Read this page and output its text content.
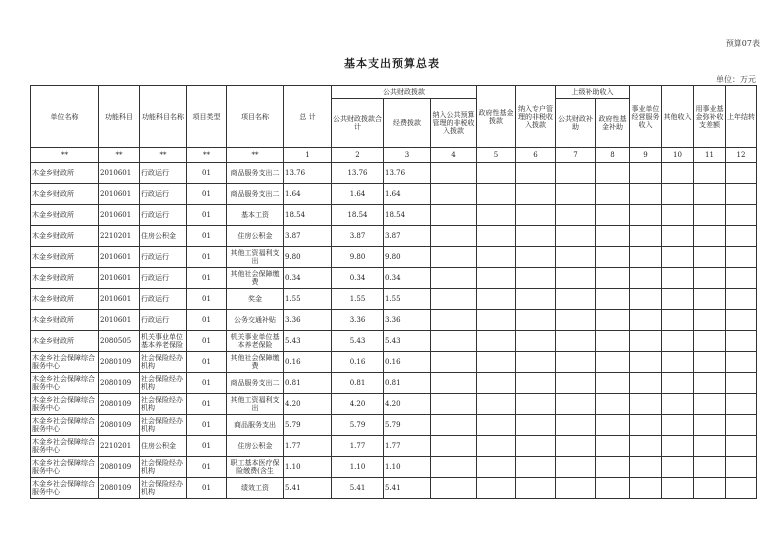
预算07表
基本支出预算总表
单位：万元
单位名称	功能科目	功能科目名称	项目类型	项目名称	总 计	公共财政拨款			政府性基金拨款	纳入专户管理的非税收入拨款	上级补助收入		事业单位经营服务收入	其他收入	用事业基金弥补收支差额	上年结转
						公共财政拨款合计	经费拨款	纳入公共预算管理的非税收入拨款								
											公共财政补助	政府性基金补助				
**	**	**	**	**	1	2	3	4	5	6	7	8	9	10	11	12
木金乡财政所	2010601	行政运行	01	商品服务支出二	13.76	13.76	13.76									
木金乡财政所	2010601	行政运行	01	商品服务支出二	1.64	1.64	1.64									
木金乡财政所	2010601	行政运行	01	基本工资	18.54	18.54	18.54									
木金乡财政所	2210201	住房公积金	01	住房公积金	3.87	3.87	3.87									
木金乡财政所	2010601	行政运行	01	其他工资福利支出	9.80	9.80	9.80									
木金乡财政所	2010601	行政运行	01	其他社会保障缴费	0.34	0.34	0.34									
木金乡财政所	2010601	行政运行	01	奖金	1.55	1.55	1.55									
木金乡财政所	2010601	行政运行	01	公务交通补贴	3.36	3.36	3.36									
木金乡财政所	2080505	机关事业单位基本养老保险	01	机关事业单位基本养老保险	5.43	5.43	5.43									
木金乡社会保障综合服务中心	2080109	社会保险经办机构	01	其他社会保障缴费	0.16	0.16	0.16									
木金乡社会保障综合服务中心	2080109	社会保险经办机构	01	商品服务支出二	0.81	0.81	0.81									
木金乡社会保障综合服务中心	2080109	社会保险经办机构	01	其他工资福利支出	4.20	4.20	4.20									
木金乡社会保障综合服务中心	2080109	社会保险经办机构	01	商品服务支出	5.79	5.79	5.79									
木金乡社会保障综合服务中心	2210201	住房公积金	01	住房公积金	1.77	1.77	1.77									
木金乡社会保障综合服务中心	2080109	社会保险经办机构	01	职工基本医疗保险缴费(含生	1.10	1.10	1.10									
木金乡社会保障综合服务中心	2080109	社会保险经办机构	01	绩效工资	5.41	5.41	5.41									
